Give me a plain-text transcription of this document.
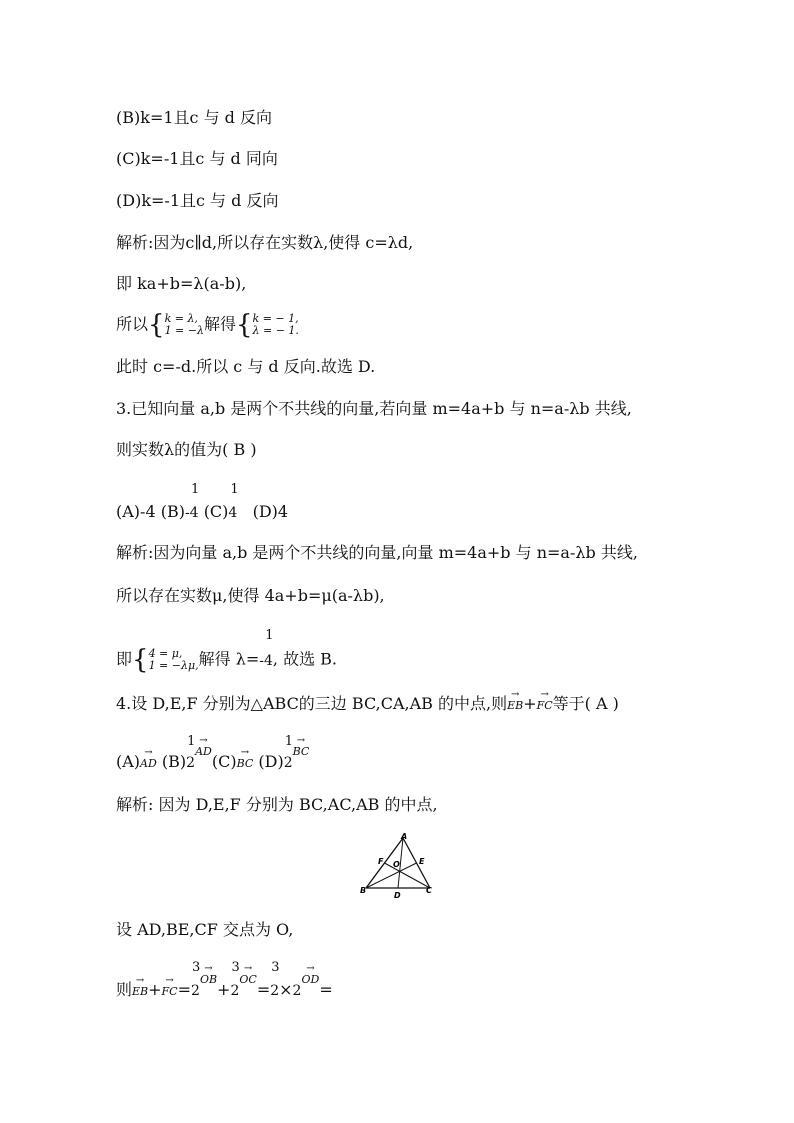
(B)k=1且c 与 d 反向
(C)k=-1且c 与 d 同向
(D)k=-1且c 与 d 反向
解析:因为c∥d,所以存在实数λ,使得 c=λd,
即 ka+b=λ(a-b),
所以{k = λ,
1 = −λ解得{k = − 1,
λ = − 1.
此时 c=-d.所以 c 与 d 反向.故选 D.
3.已知向量 a,b 是两个不共线的向量,若向量 m=4a+b 与 n=a-λb 共线,
则实数λ的值为( B )
(A)-4 (B)
1
-4 (C)
1
4 (D)4
解析:因为向量 a,b 是两个不共线的向量,向量 m=4a+b 与 n=a-λb 共线,
所以存在实数μ,使得 4a+b=μ(a-λb),
即{4 = μ,
1 = −λμ,解得 λ=
1
-4, 故选 B.
4.设 D,E,F 分别为△ABC的三边 BC,CA,AB 的中点,则→ EB+→ FC等于( A )
(A)→ AD (B)
1
2→ AD(C)→ BC (D)
1
2→ BC
解析: 因为 D,E,F 分别为 BC,AC,AB 的中点,
A
F O E
B
D
C
设 AD,BE,CF 交点为 O,
则→ EB+→ FC=
3
2→ OB+
3
2→ OC=
3
2×2→ OD=
